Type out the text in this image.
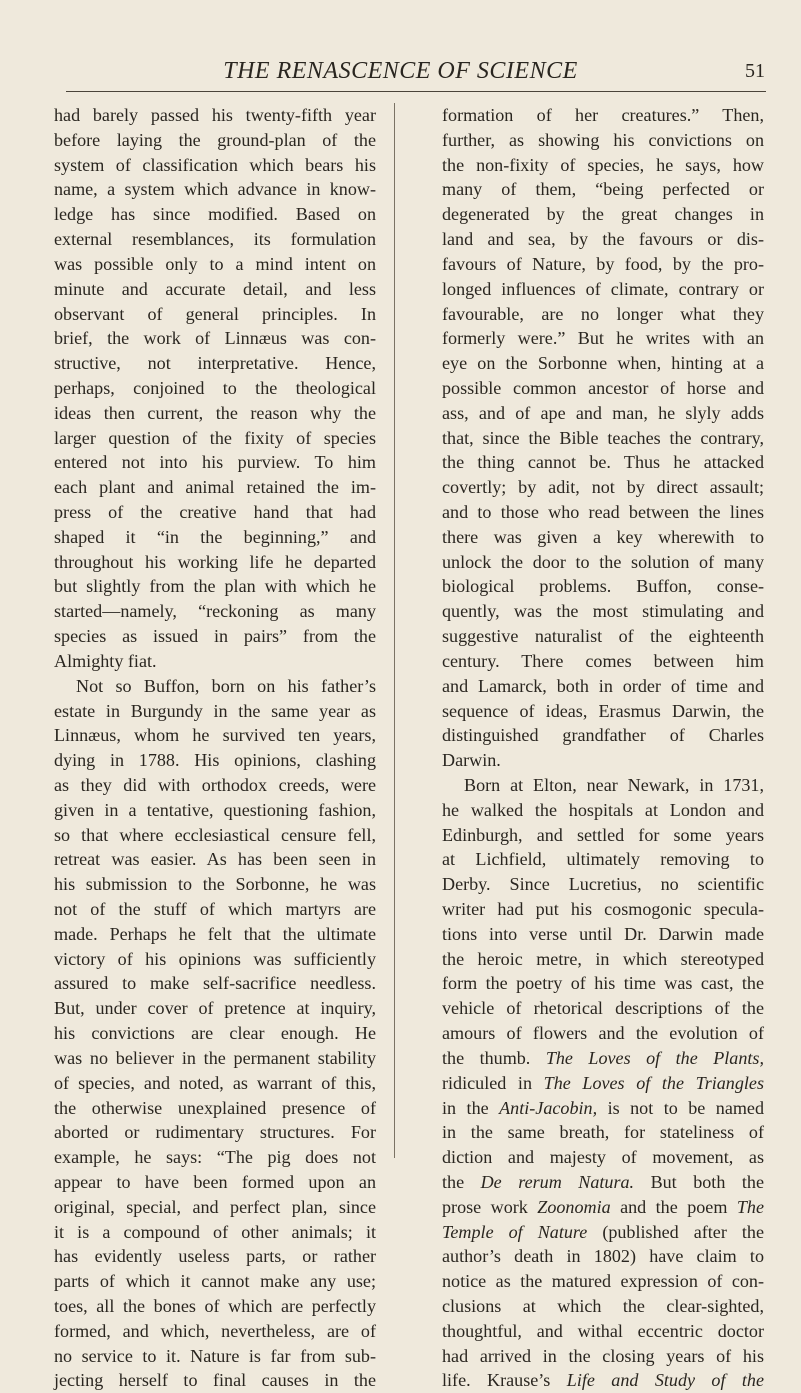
THE RENASCENCE OF SCIENCE	51
had barely passed his twenty-fifth year
before laying the ground-plan of the
system of classification which bears his
name, a system which advance in know-
ledge has since modified. Based on
external resemblances, its formulation
was possible only to a mind intent on
minute and accurate detail, and less
observant of general principles. In
brief, the work of Linnæus was con-
structive, not interpretative. Hence,
perhaps, conjoined to the theological
ideas then current, the reason why the
larger question of the fixity of species
entered not into his purview. To him
each plant and animal retained the im-
press of the creative hand that had
shaped it “in the beginning,” and
throughout his working life he departed
but slightly from the plan with which he
started—namely, “reckoning as many
species as issued in pairs” from the
Almighty fiat.
Not so Buffon, born on his father’s
estate in Burgundy in the same year as
Linnæus, whom he survived ten years,
dying in 1788. His opinions, clashing
as they did with orthodox creeds, were
given in a tentative, questioning fashion,
so that where ecclesiastical censure fell,
retreat was easier. As has been seen in
his submission to the Sorbonne, he was
not of the stuff of which martyrs are
made. Perhaps he felt that the ultimate
victory of his opinions was sufficiently
assured to make self-sacrifice needless.
But, under cover of pretence at inquiry,
his convictions are clear enough. He
was no believer in the permanent stability
of species, and noted, as warrant of this,
the otherwise unexplained presence of
aborted or rudimentary structures. For
example, he says: “The pig does not
appear to have been formed upon an
original, special, and perfect plan, since
it is a compound of other animals; it
has evidently useless parts, or rather
parts of which it cannot make any use;
toes, all the bones of which are perfectly
formed, and which, nevertheless, are of
no service to it. Nature is far from sub-
jecting herself to final causes in the
formation of her creatures.” Then,
further, as showing his convictions on
the non-fixity of species, he says, how
many of them, “being perfected or
degenerated by the great changes in
land and sea, by the favours or dis-
favours of Nature, by food, by the pro-
longed influences of climate, contrary or
favourable, are no longer what they
formerly were.” But he writes with an
eye on the Sorbonne when, hinting at a
possible common ancestor of horse and
ass, and of ape and man, he slyly adds
that, since the Bible teaches the contrary,
the thing cannot be. Thus he attacked
covertly; by adit, not by direct assault;
and to those who read between the lines
there was given a key wherewith to
unlock the door to the solution of many
biological problems. Buffon, conse-
quently, was the most stimulating and
suggestive naturalist of the eighteenth
century. There comes between him
and Lamarck, both in order of time and
sequence of ideas, Erasmus Darwin, the
distinguished grandfather of Charles
Darwin.
Born at Elton, near Newark, in 1731,
he walked the hospitals at London and
Edinburgh, and settled for some years
at Lichfield, ultimately removing to
Derby. Since Lucretius, no scientific
writer had put his cosmogonic specula-
tions into verse until Dr. Darwin made
the heroic metre, in which stereotyped
form the poetry of his time was cast, the
vehicle of rhetorical descriptions of the
amours of flowers and the evolution of
the thumb. The Loves of the Plants,
ridiculed in The Loves of the Triangles
in the Anti-Jacobin, is not to be named
in the same breath, for stateliness of
diction and majesty of movement, as
the De rerum Natura. But both the
prose work Zoonomia and the poem The
Temple of Nature (published after the
author’s death in 1802) have claim to
notice as the matured expression of con-
clusions at which the clear-sighted,
thoughtful, and withal eccentric doctor
had arrived in the closing years of his
life. Krause’s Life and Study of the
